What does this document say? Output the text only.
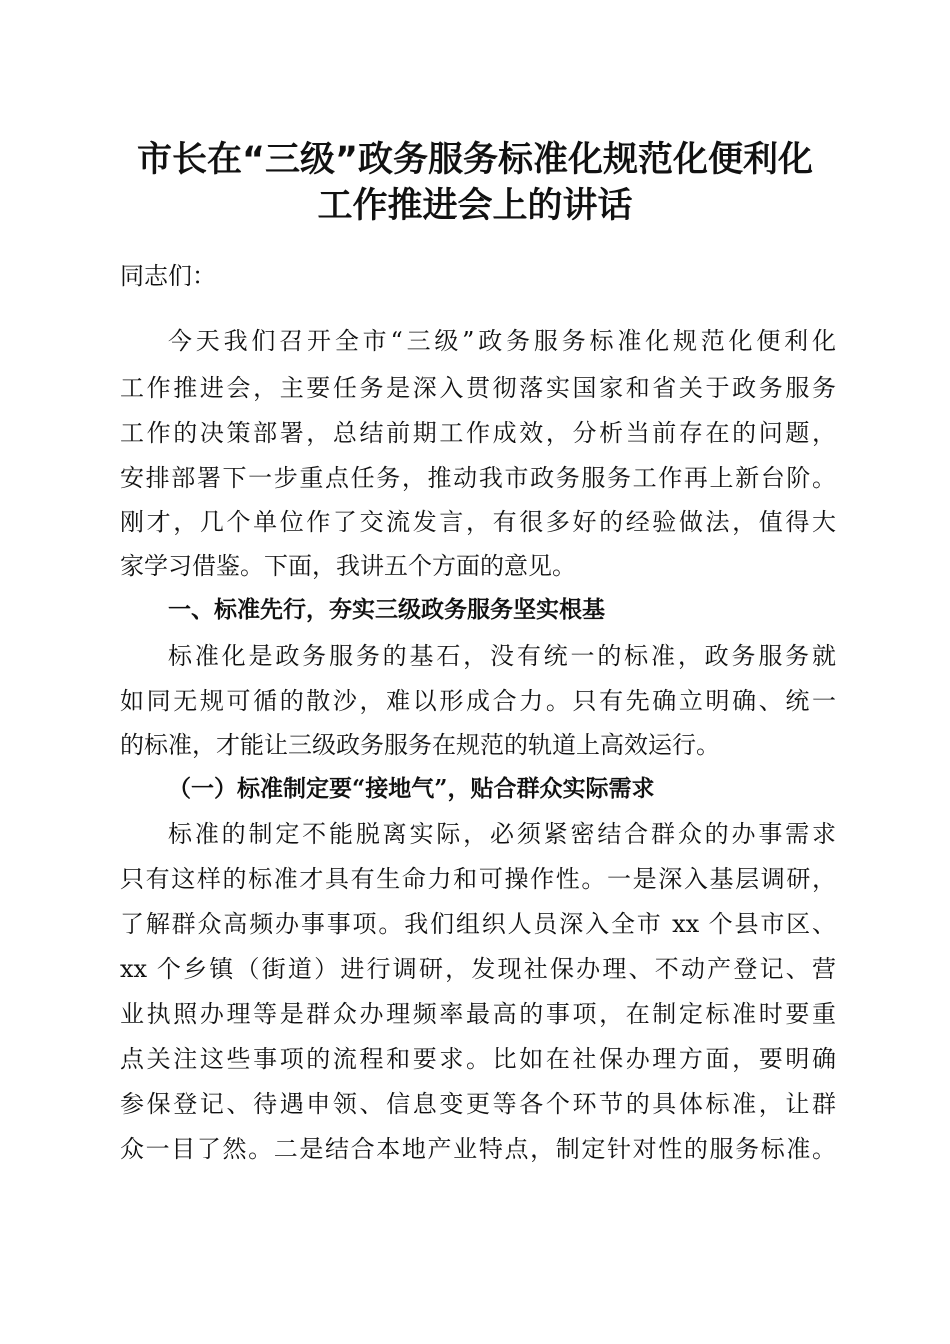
市长在“三级”政务服务标准化规范化便利化
工作推进会上的讲话
同志们：
今天我们召开全市“三级”政务服务标准化规范化便利化
工作推进会，主要任务是深入贯彻落实国家和省关于政务服务
工作的决策部署，总结前期工作成效，分析当前存在的问题，
安排部署下一步重点任务，推动我市政务服务工作再上新台阶。
刚才，几个单位作了交流发言，有很多好的经验做法，值得大
家学习借鉴。下面，我讲五个方面的意见。
一、标准先行，夯实三级政务服务坚实根基
标准化是政务服务的基石，没有统一的标准，政务服务就
如同无规可循的散沙，难以形成合力。只有先确立明确、统一
的标准，才能让三级政务服务在规范的轨道上高效运行。
（一）标准制定要“接地气”，贴合群众实际需求
标准的制定不能脱离实际，必须紧密结合群众的办事需求
只有这样的标准才具有生命力和可操作性。一是深入基层调研，
了解群众高频办事事项。我们组织人员深入全市 xx 个县市区、
xx 个乡镇（街道）进行调研，发现社保办理、不动产登记、营
业执照办理等是群众办理频率最高的事项，在制定标准时要重
点关注这些事项的流程和要求。比如在社保办理方面，要明确
参保登记、待遇申领、信息变更等各个环节的具体标准，让群
众一目了然。二是结合本地产业特点，制定针对性的服务标准。
